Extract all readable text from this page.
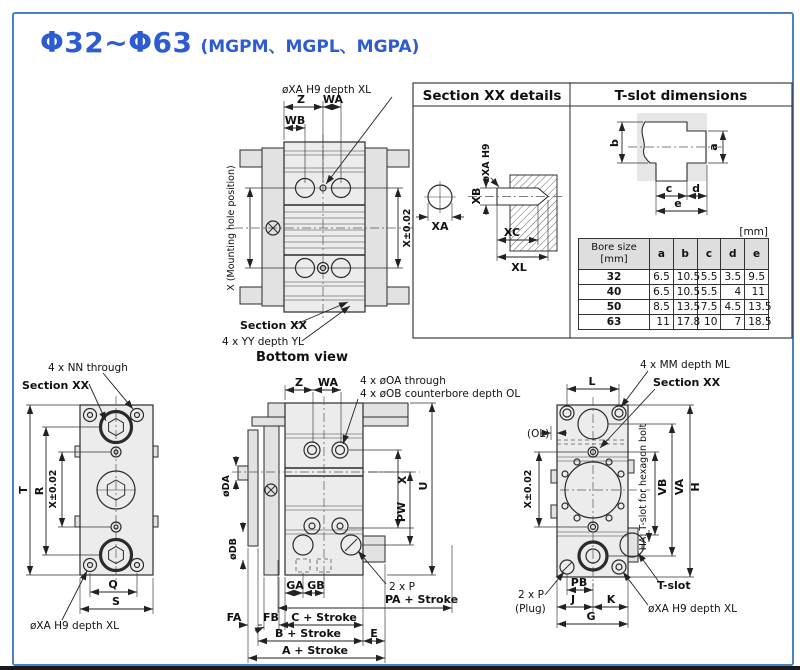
Φ32~Φ63 (MGPM、MGPL、MGPA)
øXA H9 depth XL
Z WA
WB
X (Mounting hole position)	X±0.02
Section XX
4 x YY depth YL
Bottom view
Section XX details	T-slot dimensions
XA
øXA H9
XB
XC
XL
b
a
c d
e
[mm]
4 x NN through
Section XX
T R X±0.02
Q
S
øXA H9 depth XL
Z WA 4 x øOA through
4 x øOB counterbore depth OL
øDA
øDB
X
PW
U
GA GB	2 x P
PA + Stroke
FA FB C + Stroke
B + Stroke	E
A + Stroke
4 x MM depth ML
Section XX
L
(OL)
X±0.02	HA: T-slot for hexagon bolt VB VA H
PB
J	K
G
2 x P
(Plug)
T-slot
øXA H9 depth XL
Bore size
[mm]	a	b	c	d	e
32	6.5	10.5	5.5	3.5	9.5
40	6.5	10.5	5.5	4	11
50	8.5	13.5	7.5	4.5	13.5
63	11	17.8	10	7	18.5
